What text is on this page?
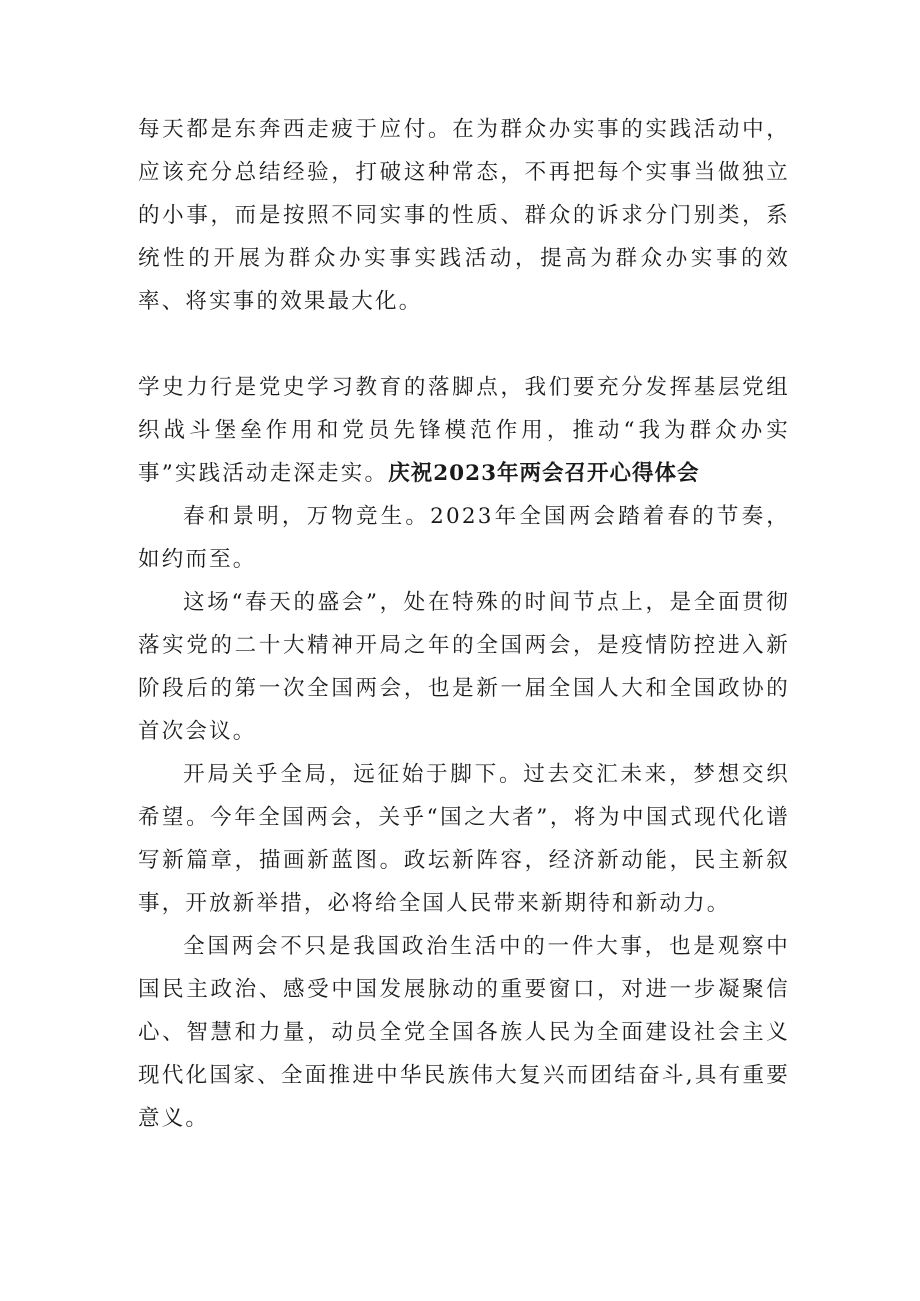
每天都是东奔西走疲于应付。在为群众办实事的实践活动中，应该充分总结经验，打破这种常态，不再把每个实事当做独立的小事，而是按照不同实事的性质、群众的诉求分门别类，系统性的开展为群众办实事实践活动，提高为群众办实事的效率、将实事的效果最大化。

学史力行是党史学习教育的落脚点，我们要充分发挥基层党组织战斗堡垒作用和党员先锋模范作用，推动“我为群众办实事”实践活动走深走实。庆祝2023年两会召开心得体会

春和景明，万物竞生。2023年全国两会踏着春的节奏，如约而至。

这场“春天的盛会”，处在特殊的时间节点上，是全面贯彻落实党的二十大精神开局之年的全国两会，是疫情防控进入新阶段后的第一次全国两会，也是新一届全国人大和全国政协的首次会议。

开局关乎全局，远征始于脚下。过去交汇未来，梦想交织希望。今年全国两会，关乎“国之大者”，将为中国式现代化谱写新篇章，描画新蓝图。政坛新阵容，经济新动能，民主新叙事，开放新举措，必将给全国人民带来新期待和新动力。

全国两会不只是我国政治生活中的一件大事，也是观察中国民主政治、感受中国发展脉动的重要窗口，对进一步凝聚信心、智慧和力量，动员全党全国各族人民为全面建设社会主义现代化国家、全面推进中华民族伟大复兴而团结奋斗,具有重要意义。
